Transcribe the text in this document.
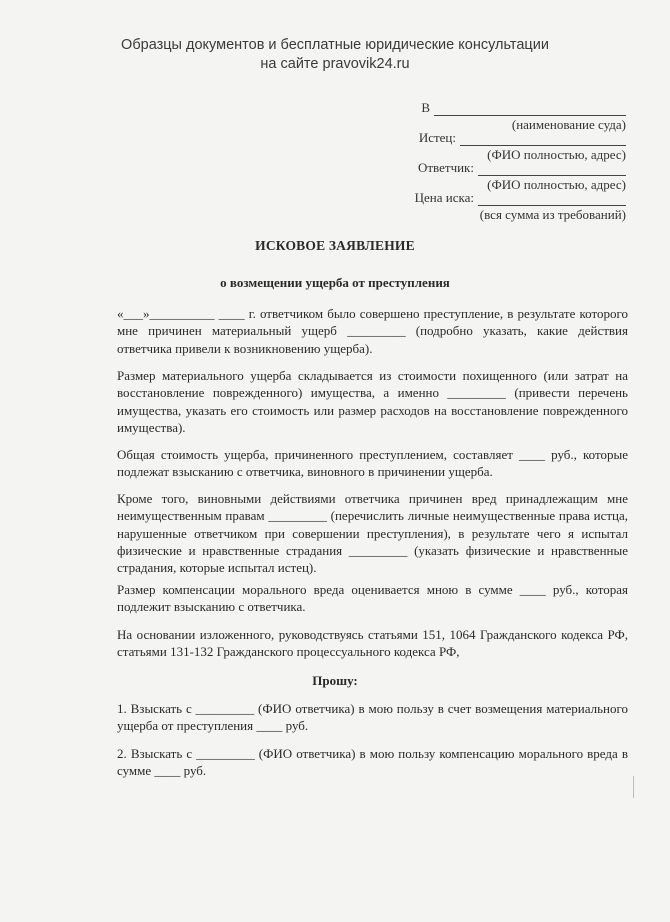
Образцы документов и бесплатные юридические консультации
на сайте pravovik24.ru
В
(наименование суда)
Истец:
(ФИО полностью, адрес)
Ответчик:
(ФИО полностью, адрес)
Цена иска:
(вся сумма из требований)
ИСКОВОЕ ЗАЯВЛЕНИЕ
о возмещении ущерба от преступления
«___»__________ ____ г. ответчиком было совершено преступление, в результате которого мне причинен материальный ущерб _________ (подробно указать, какие действия ответчика привели к возникновению ущерба).
Размер материального ущерба складывается из стоимости похищенного (или затрат на восстановление поврежденного) имущества, а именно _________ (привести перечень имущества, указать его стоимость или размер расходов на восстановление поврежденного имущества).
Общая стоимость ущерба, причиненного преступлением, составляет ____ руб., которые подлежат взысканию с ответчика, виновного в причинении ущерба.
Кроме того, виновными действиями ответчика причинен вред принадлежащим мне неимущественным правам _________ (перечислить личные неимущественные права истца, нарушенные ответчиком при совершении преступления), в результате чего я испытал физические и нравственные страдания _________ (указать физические и нравственные страдания, которые испытал истец).
Размер компенсации морального вреда оценивается мною в сумме ____ руб., которая подлежит взысканию с ответчика.
На основании изложенного, руководствуясь статьями 151, 1064 Гражданского кодекса РФ, статьями 131-132 Гражданского процессуального кодекса РФ,
Прошу:
1. Взыскать с _________ (ФИО ответчика) в мою пользу в счет возмещения материального ущерба от преступления ____ руб.
2. Взыскать с _________ (ФИО ответчика) в мою пользу компенсацию морального вреда в сумме ____ руб.
